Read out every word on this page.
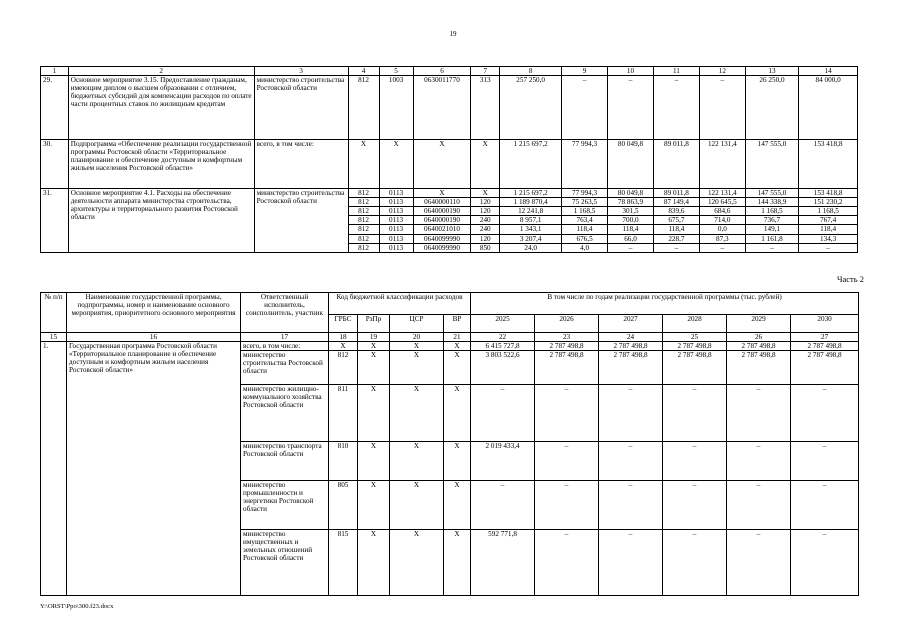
19
1	2	3	4	5	6	7	8	9	10	11	12	13	14
29.	Основное мероприятие 3.15. Предоставление гражданам, имеющим диплом о высшем образовании с отличием, бюджетных субсидий для компенсации расходов по оплате части процентных ставок по жилищным кредитам	министерство строительства Ростовской области	812	1003	0630011770	313	257 250,0	–	–	–	–	26 250,0	84 000,0
30.	Подпрограмма «Обеспечение реализации государственной программы Ростовской области «Территориальное планирование и обеспечение доступным и комфортным жильем населения Ростовской области»	всего, в том числе:	X	X	X	X	1 215 697,2	77 994,3	80 049,8	89 011,8	122 131,4	147 555,0	153 418,8
31.	Основное мероприятие 4.1. Расходы на обеспечение деятельности аппарата министерства строительства, архитектуры и территориального развития Ростовской области	министерство строительства Ростовской области	812	0113	X	X	1 215 697,2	77 994,3	80 049,8	89 011,8	122 131,4	147 555,0	153 418,8
			812	0113	0640000110	120	1 189 870,4	75 263,5	78 863,9	87 149,4	120 645,5	144 338,9	151 230,2
			812	0113	0640000190	120	12 241,8	1 168,5	301,5	839,6	684,6	1 168,5	1 168,5
			812	0113	0640000190	240	8 957,1	763,4	700,0	675,7	714,0	736,7	767,4
			812	0113	0640021010	240	1 343,1	118,4	118,4	118,4	0,0	149,1	118,4
			812	0113	0640099990	120	3 207,4	676,5	66,0	228,7	87,3	1 161,8	134,3
			812	0113	0640099990	850	24,0	4,0	–	–	–	–	–
Часть 2
№ п/п	Наименование государственной программы, подпрограммы, номер и наименование основного мероприятия, приоритетного основного мероприятия	Ответственный исполнитель, соисполнитель, участник	Код бюджетной классификации расходов				В том числе по годам реализации государственной программы (тыс. рублей)					
			ГРБС	РзПр	ЦСР	ВР	2025	2026	2027	2028	2029	2030
15	16	17	18	19	20	21	22	23	24	25	26	27
1.	Государственная программа Ростовской области «Территориальное планирование и обеспечение доступным и комфортным жильем населения Ростовской области»	всего, в том числе:	X	X	X	X	6 415 727,8	2 787 498,8	2 787 498,8	2 787 498,8	2 787 498,8	2 787 498,8
		министерство строительства Ростовской области	812	X	X	X	3 803 522,6	2 787 498,8	2 787 498,8	2 787 498,8	2 787 498,8	2 787 498,8
		министерство жилищно-коммунального хозяйства Ростовской области	811	X	X	X	–	–	–	–	–	–
		министерство транспорта Ростовской области	810	X	X	X	2 019 433,4	–	–	–	–	–
		министерство промышленности и энергетики Ростовской области	805	X	X	X	–	–	–	–	–	–
		министерство имущественных и земельных отношений Ростовской области	815	X	X	X	592 771,8	–	–	–	–	–
Y:\ORST\Ppo\300.f23.docx
